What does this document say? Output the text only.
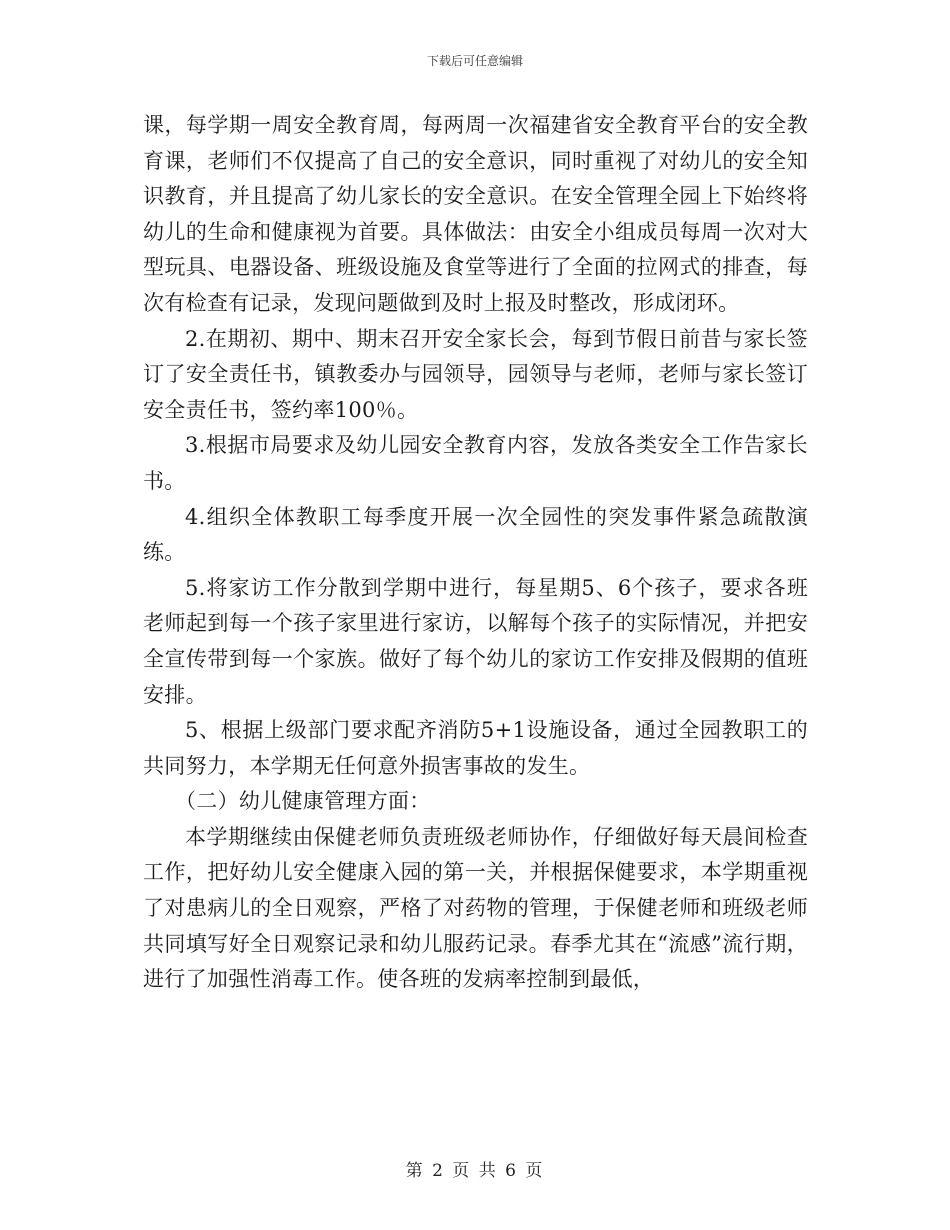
下载后可任意编辑

课，每学期一周安全教育周，每两周一次福建省安全教育平台的安全教育课，老师们不仅提高了自己的安全意识，同时重视了对幼儿的安全知识教育，并且提高了幼儿家长的安全意识。在安全管理全园上下始终将幼儿的生命和健康视为首要。具体做法：由安全小组成员每周一次对大型玩具、电器设备、班级设施及食堂等进行了全面的拉网式的排查，每次有检查有记录，发现问题做到及时上报及时整改，形成闭环。

2.在期初、期中、期末召开安全家长会，每到节假日前昔与家长签订了安全责任书，镇教委办与园领导，园领导与老师，老师与家长签订安全责任书，签约率100％。

3.根据市局要求及幼儿园安全教育内容，发放各类安全工作告家长书。

4.组织全体教职工每季度开展一次全园性的突发事件紧急疏散演练。

5.将家访工作分散到学期中进行，每星期5、6个孩子，要求各班老师起到每一个孩子家里进行家访，以解每个孩子的实际情况，并把安全宣传带到每一个家族。做好了每个幼儿的家访工作安排及假期的值班安排。

5、根据上级部门要求配齐消防5+1设施设备，通过全园教职工的共同努力，本学期无任何意外损害事故的发生。

（二）幼儿健康管理方面：

本学期继续由保健老师负责班级老师协作，仔细做好每天晨间检查工作，把好幼儿安全健康入园的第一关，并根据保健要求，本学期重视了对患病儿的全日观察，严格了对药物的管理，于保健老师和班级老师共同填写好全日观察记录和幼儿服药记录。春季尤其在“流感”流行期，进行了加强性消毒工作。使各班的发病率控制到最低，

第 2 页 共 6 页
